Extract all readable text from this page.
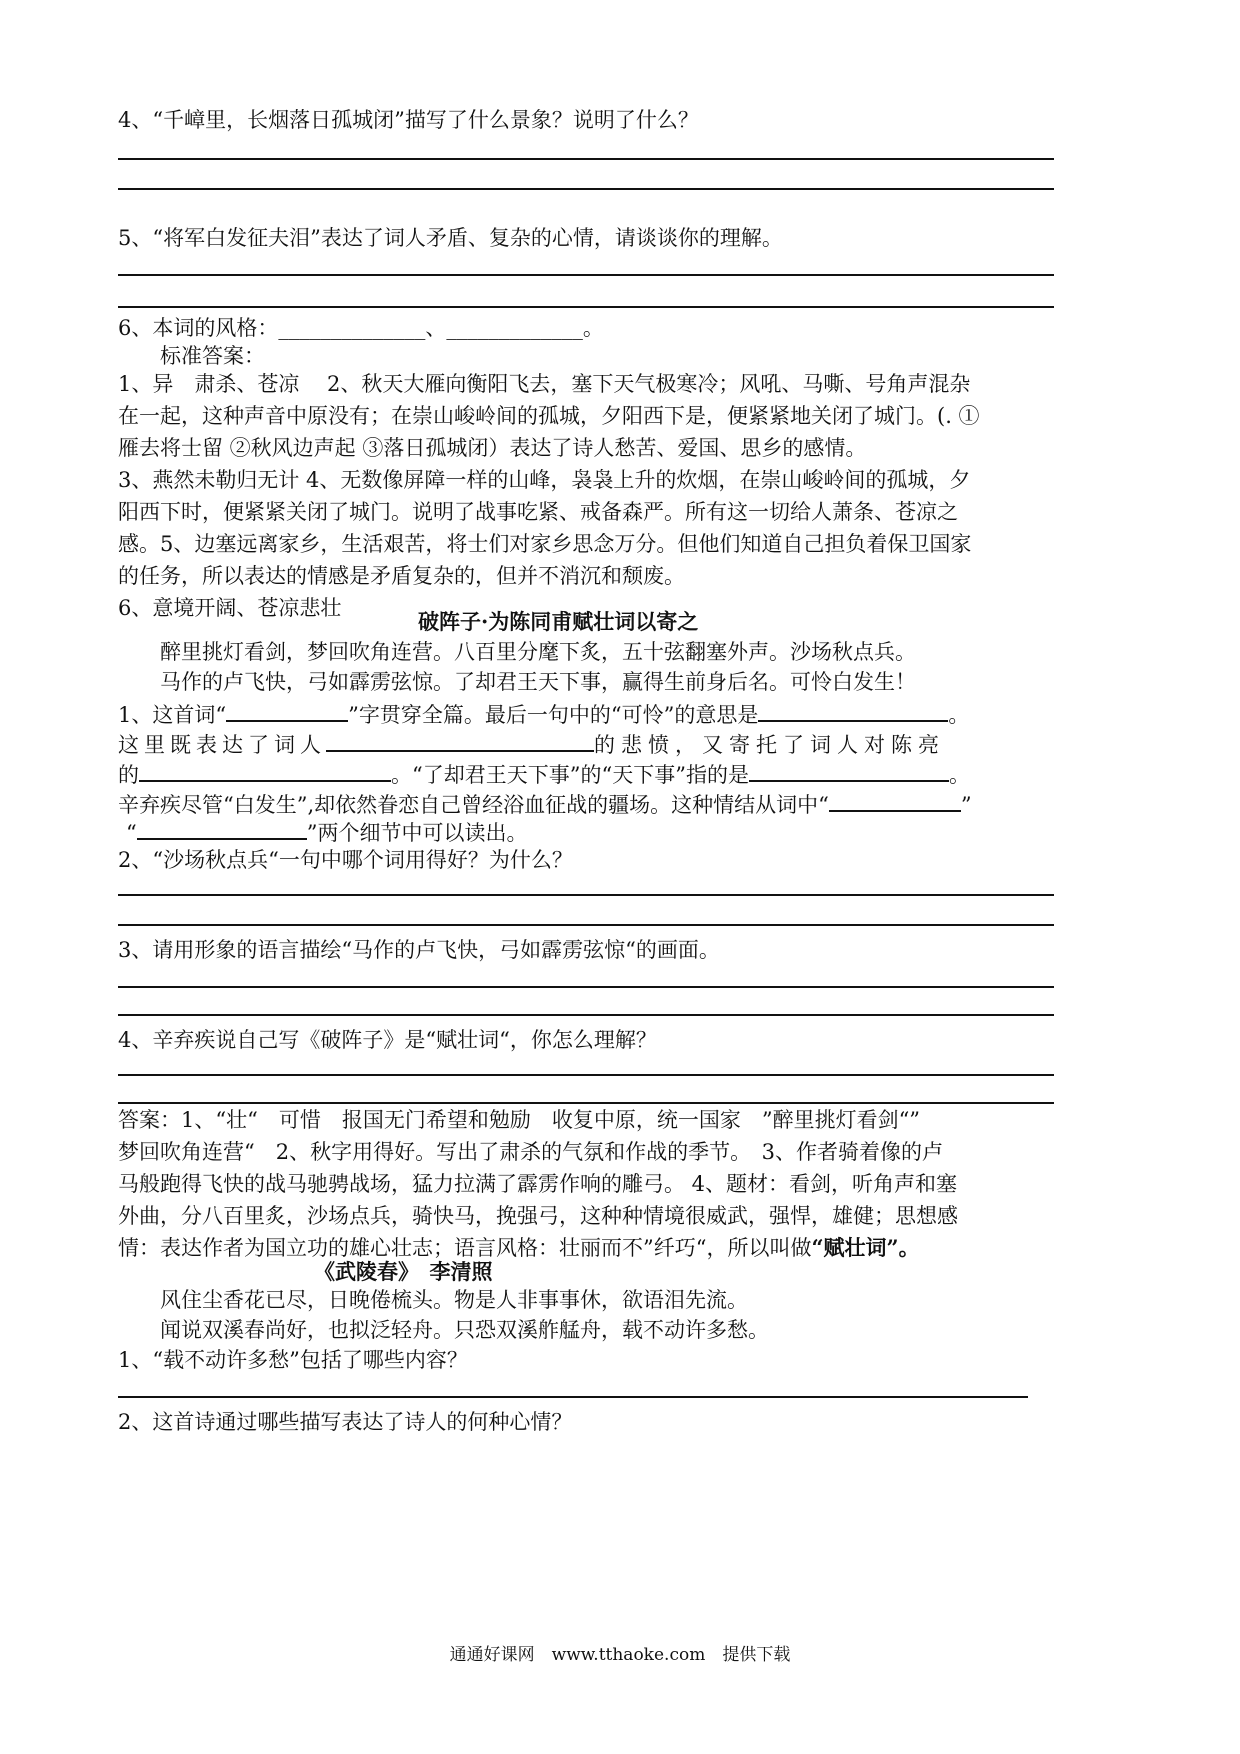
4、“千嶂里，长烟落日孤城闭”描写了什么景象？说明了什么？
5、“将军白发征夫泪”表达了词人矛盾、复杂的心情，请谈谈你的理解。
6、本词的风格：______________、_____________。
标准答案：
1、异　肃杀、苍凉　 2、秋天大雁向衡阳飞去，塞下天气极寒冷；风吼、马嘶、号角声混杂
在一起，这种声音中原没有；在崇山峻岭间的孤城，夕阳西下是，便紧紧地关闭了城门。(. ①
雁去将士留 ②秋风边声起 ③落日孤城闭）表达了诗人愁苦、爱国、思乡的感情。
3、燕然未勒归无计 4、无数像屏障一样的山峰，袅袅上升的炊烟，在崇山峻岭间的孤城，夕
阳西下时，便紧紧关闭了城门。说明了战事吃紧、戒备森严。所有这一切给人萧条、苍凉之
感。5、边塞远离家乡，生活艰苦，将士们对家乡思念万分。但他们知道自己担负着保卫国家
的任务，所以表达的情感是矛盾复杂的，但并不消沉和颓废。
6、意境开阔、苍凉悲壮
破阵子·为陈同甫赋壮词以寄之
醉里挑灯看剑，梦回吹角连营。八百里分麾下炙，五十弦翻塞外声。沙场秋点兵。
马作的卢飞快，弓如霹雳弦惊。了却君王天下事，赢得生前身后名。可怜白发生！
1、这首词“	”字贯穿全篇。最后一句中的“可怜”的意思是	。
这里既表达了词人	的悲愤，又寄托了词人对陈亮
的	。“了却君王天下事”的“天下事”指的是	。
辛弃疾尽管“白发生”,却依然眷恋自己曾经浴血征战的疆场。这种情结从词中“	”
“	”两个细节中可以读出。
2、“沙场秋点兵“一句中哪个词用得好？为什么？
3、请用形象的语言描绘“马作的卢飞快，弓如霹雳弦惊“的画面。
4、辛弃疾说自己写《破阵子》是“赋壮词“，你怎么理解？
答案：1、“壮“　可惜　报国无门希望和勉励　收复中原，统一国家　”醉里挑灯看剑“”
梦回吹角连营“　2、秋字用得好。写出了肃杀的气氛和作战的季节。　3、作者骑着像的卢
马般跑得飞快的战马驰骋战场，猛力拉满了霹雳作响的雕弓。 4、题材：看剑，听角声和塞
外曲，分八百里炙，沙场点兵，骑快马，挽强弓，这种种情境很威武，强悍，雄健；思想感
情：表达作者为国立功的雄心壮志；语言风格：壮丽而不”纤巧“，所以叫做“赋壮词”。
《武陵春》　李清照
风住尘香花已尽，日晚倦梳头。物是人非事事休，欲语泪先流。
闻说双溪春尚好，也拟泛轻舟。只恐双溪舴艋舟，载不动许多愁。
1、“载不动许多愁”包括了哪些内容？
2、这首诗通过哪些描写表达了诗人的何种心情？
通通好课网　www.tthaoke.com　提供下载
